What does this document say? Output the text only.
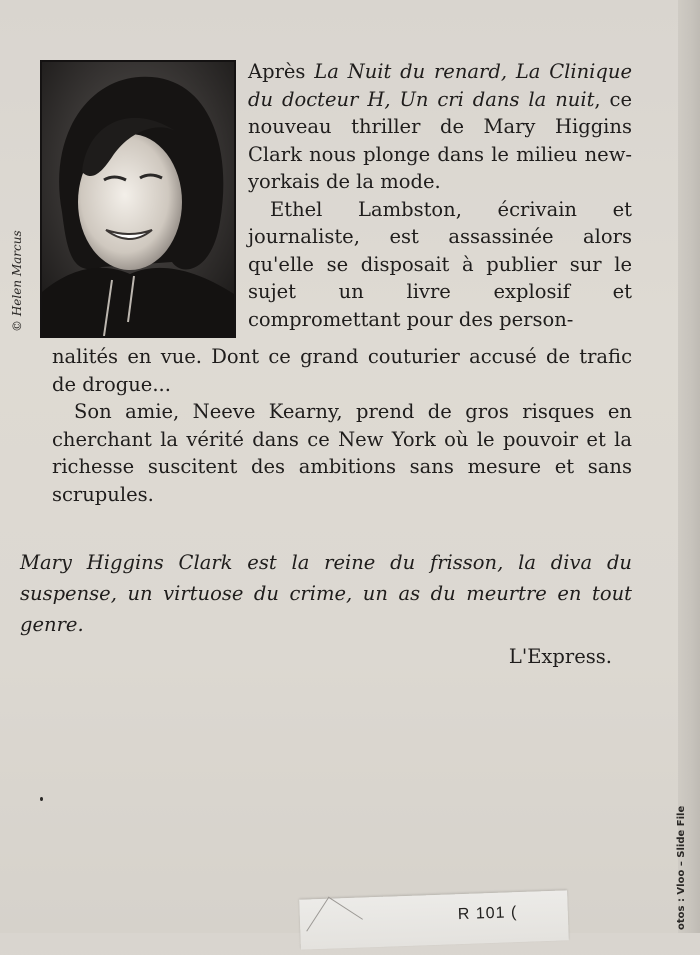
© Helen Marcus

Après La Nuit du renard, La Clinique du docteur H, Un cri dans la nuit, ce nouveau thriller de Mary Higgins Clark nous plonge dans le milieu new-yorkais de la mode.

Ethel Lambston, écrivain et journaliste, est assassinée alors qu'elle se disposait à publier sur le sujet un livre explosif et compromettant pour des person-

nalités en vue. Dont ce grand couturier accusé de trafic de drogue...

Son amie, Neeve Kearny, prend de gros risques en cherchant la vérité dans ce New York où le pouvoir et la richesse suscitent des ambitions sans mesure et sans scrupules.

Mary Higgins Clark est la reine du frisson, la diva du suspense, un virtuose du crime, un as du meurtre en tout genre.
L'Express.
otos : Vloo – Slide File
R 101 (
